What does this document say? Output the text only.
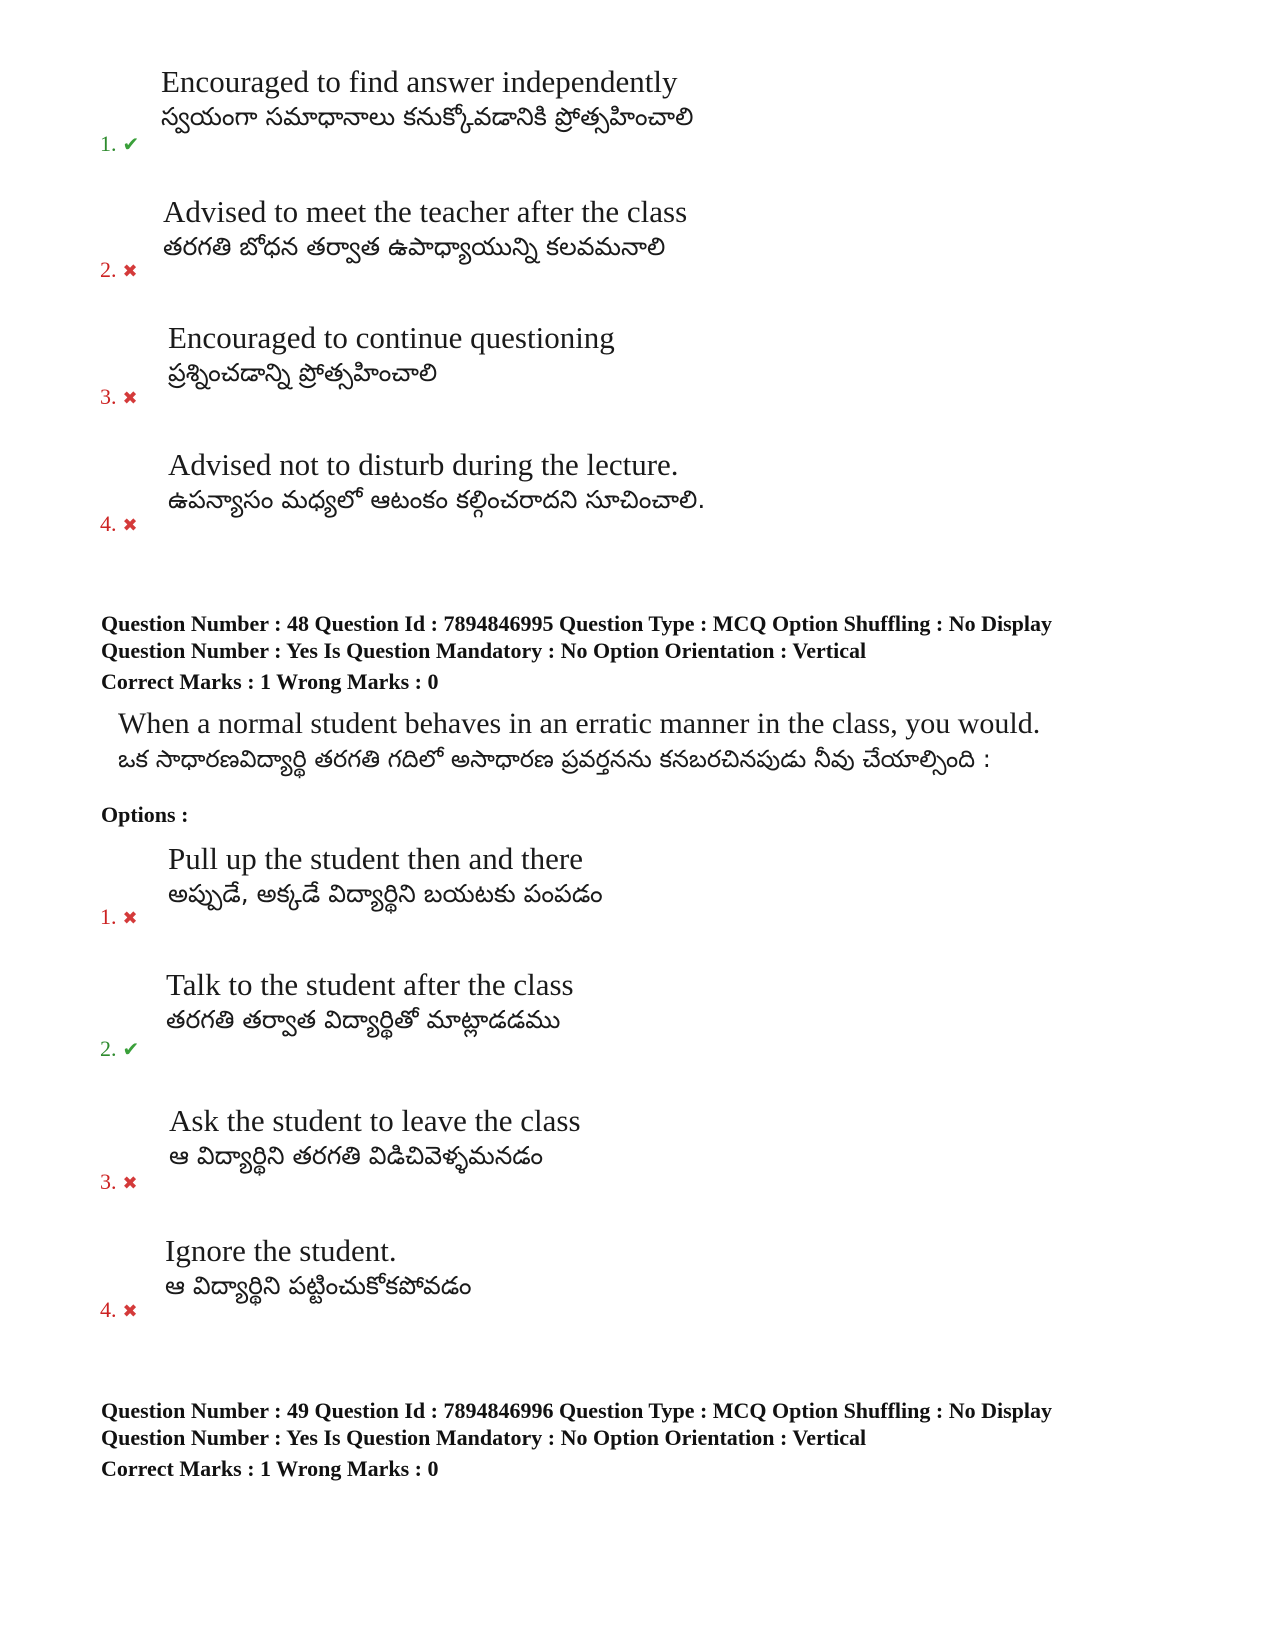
Encouraged to find answer independently
స్వయంగా సమాధానాలు కనుక్కోవడానికి ప్రోత్సహించాలి
1. ✔
Advised to meet the teacher after the class
తరగతి బోధన తర్వాత ఉపాధ్యాయున్ని కలవమనాలి
2. ✖
Encouraged to continue questioning
ప్రశ్నించడాన్ని ప్రోత్సహించాలి
3. ✖
Advised not to disturb during the lecture.
ఉపన్యాసం మధ్యలో ఆటంకం కల్గించరాదని సూచించాలి.
4. ✖
Question Number : 48 Question Id : 7894846995 Question Type : MCQ Option Shuffling : No Display
Question Number : Yes Is Question Mandatory : No Option Orientation : Vertical
Correct Marks : 1 Wrong Marks : 0
When a normal student behaves in an erratic manner in the class, you would.
ఒక సాధారణవిద్యార్థి తరగతి గదిలో అసాధారణ ప్రవర్తనను కనబరచినపుడు నీవు చేయాల్సింది :
Options :
Pull up the student then and there
అప్పుడే, అక్కడే విద్యార్థిని బయటకు పంపడం
1. ✖
Talk to the student after the class
తరగతి తర్వాత విద్యార్థితో మాట్లాడడము
2. ✔
Ask the student to leave the class
ఆ విద్యార్థిని తరగతి విడిచివెళ్ళమనడం
3. ✖
Ignore the student.
ఆ విద్యార్థిని పట్టించుకోకపోవడం
4. ✖
Question Number : 49 Question Id : 7894846996 Question Type : MCQ Option Shuffling : No Display
Question Number : Yes Is Question Mandatory : No Option Orientation : Vertical
Correct Marks : 1 Wrong Marks : 0
